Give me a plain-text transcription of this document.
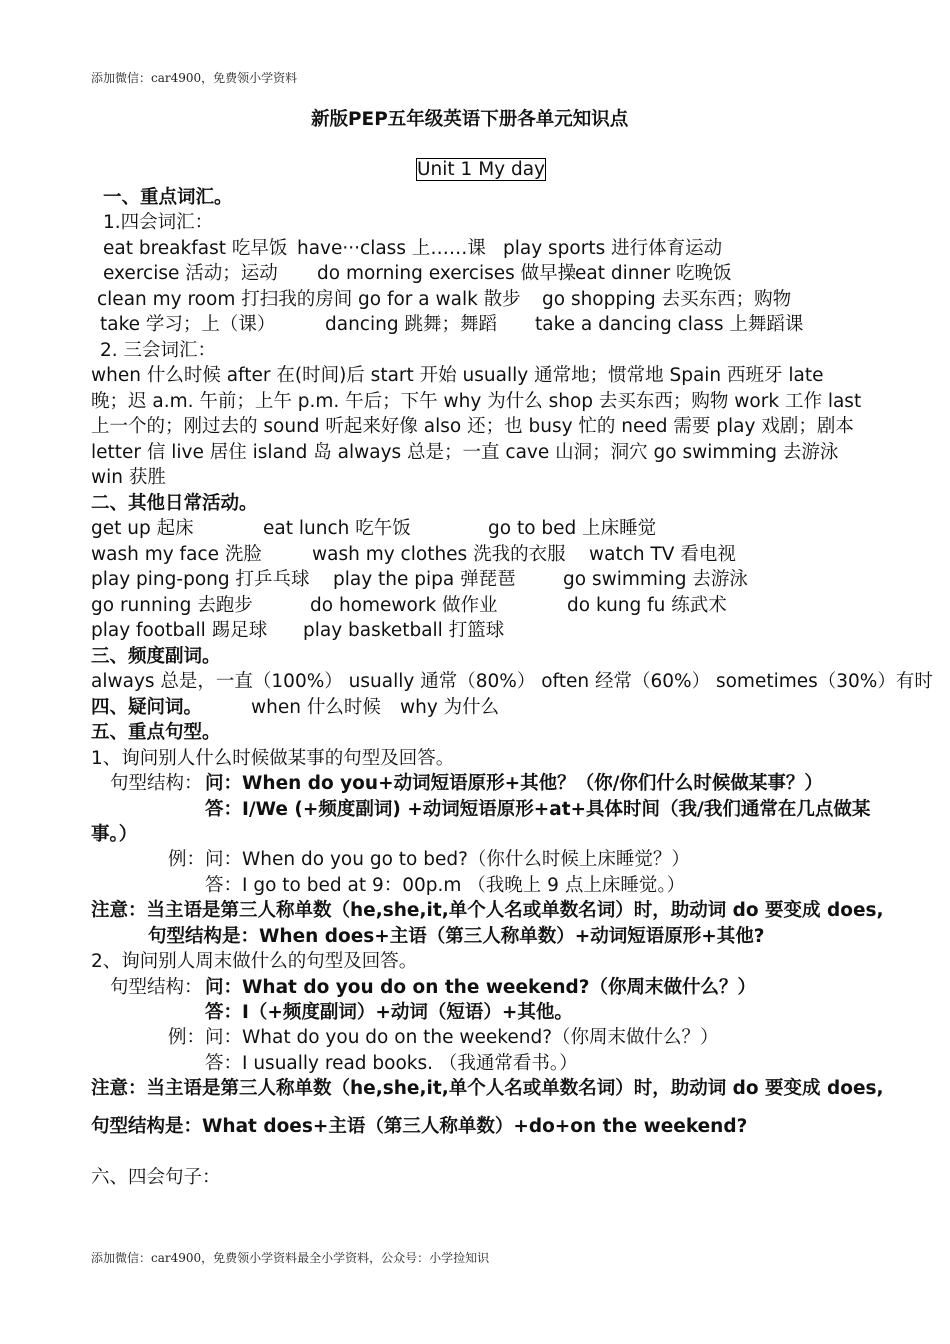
添加微信：car4900，免费领小学资料
新版PEP五年级英语下册各单元知识点
Unit 1 My day
一、重点词汇。
1.四会词汇：
eat breakfast 吃早饭 have···class 上……课 play sports 进行体育运动
exercise 活动；运动 do morning exercises 做早操
eat dinner 吃晚饭
clean my room 打扫我的房间 go for a walk 散步 go shopping 去买东西；购物
take 学习；上（课）	dancing 跳舞；舞蹈 take a dancing class 上舞蹈课
2. 三会词汇：
when 什么时候 after 在(时间)后 start 开始 usually 通常地；惯常地 Spain 西班牙 late
晚；迟 a.m. 午前；上午 p.m. 午后；下午 why 为什么 shop 去买东西；购物 work 工作 last
上一个的；刚过去的 sound 听起来好像 also 还；也 busy 忙的 need 需要 play 戏剧；剧本
letter 信 live 居住 island 岛 always 总是；一直 cave 山洞；洞穴 go swimming 去游泳
win 获胜
二、其他日常活动。
get up 起床	eat lunch 吃午饭	go to bed 上床睡觉
wash my face 洗脸	wash my clothes 洗我的衣服 watch TV 看电视
play ping-pong 打乒乓球 play the pipa 弹琵琶	go swimming 去游泳
go running 去跑步	do homework 做作业	do kung fu 练武术
play football 踢足球 play basketball 打篮球
三、频度副词。
always 总是，一直（100%） usually 通常（80%） often 经常（60%） sometimes（30%）有时
四、疑问词。	when 什么时候 why 为什么
五、重点句型。
1、询问别人什么时候做某事的句型及回答。
句型结构： 问：When do you+动词短语原形+其他？（你/你们什么时候做某事？）
答：I/We (+频度副词) +动词短语原形+at+具体时间（我/我们通常在几点做某
事。）
例： 问：When do you go to bed?（你什么时候上床睡觉？）
答：I go to bed at 9：00p.m （我晚上 9 点上床睡觉。）
注意：当主语是第三人称单数（he,she,it,单个人名或单数名词）时，助动词 do 要变成 does,
句型结构是：When does+主语（第三人称单数）+动词短语原形+其他?
2、询问别人周末做什么的句型及回答。
句型结构： 问：What do you do on the weekend?（你周末做什么？）
答：I（+频度副词）+动词（短语）+其他。
例： 问：What do you do on the weekend?（你周末做什么？）
答：I usually read books. （我通常看书。）
注意：当主语是第三人称单数（he,she,it,单个人名或单数名词）时，助动词 do 要变成 does,
句型结构是：What does+主语（第三人称单数）+do+on the weekend?
六、四会句子：
添加微信：car4900，免费领小学资料最全小学资料，公众号：小学捡知识
